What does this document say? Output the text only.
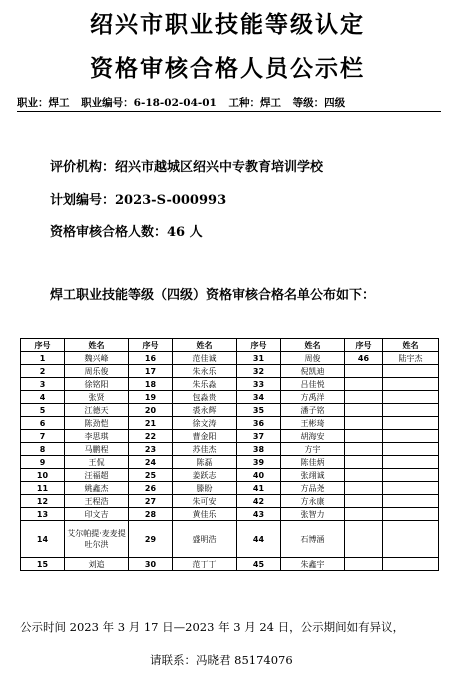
绍兴市职业技能等级认定
资格审核合格人员公示栏
职业：焊工 职业编号：6-18-02-04-01 工种：焊工 等级：四级
评价机构：绍兴市越城区绍兴中专教育培训学校
计划编号：2023-S-000993
资格审核合格人数：46 人
焊工职业技能等级（四级）资格审核合格名单公布如下：
序号	姓名	序号	姓名	序号	姓名	序号	姓名
1	魏兴峰	16	范佳诚	31	周俊	46	陆宇杰
2	周乐俊	17	朱永乐	32	倪凯迪		
3	徐铭阳	18	朱乐淼	33	吕佳悦		
4	张贤	19	包淼贵	34	方禹洋		
5	江德天	20	裘永辉	35	潘子铭		
6	陈劲恺	21	徐文涛	36	王彬琦		
7	李思琪	22	曹金阳	37	胡海安		
8	马鹏程	23	苏佳杰	38	方宇		
9	王侃	24	陈磊	39	陈佳炳		
10	汪福超	25	姜跃志	40	张翊诚		
11	姚鑫杰	26	滕盼	41	方品尧		
12	王程浩	27	朱可安	42	方永康		
13	印文吉	28	黄佳乐	43	张智力		
14	艾尔帕提·麦麦提吐尔洪	29	盛明浩	44	石博涵		
15	刘追	30	范丁丁	45	朱鑫宇		
公示时间 2023 年 3 月 17 日—2023 年 3 月 24 日，公示期间如有异议，
请联系：冯晓君 85174076
